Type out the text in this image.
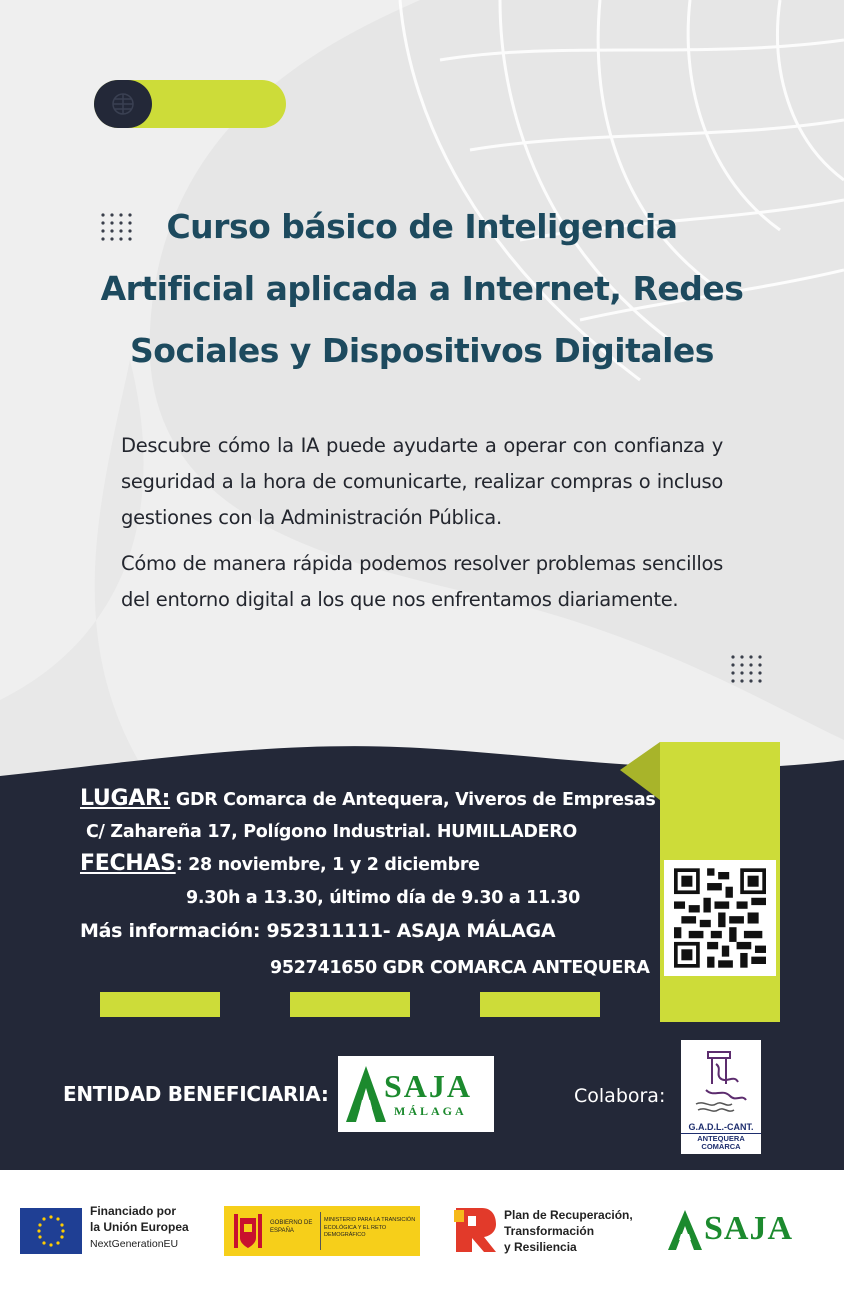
Curso básico de Inteligencia
Artificial aplicada a Internet, Redes
Sociales y Dispositivos Digitales

Descubre cómo la IA puede ayudarte a operar con confianza y seguridad a la hora de comunicarte, realizar compras o incluso gestiones con la Administración Pública.

Cómo de manera rápida podemos resolver problemas sencillos del entorno digital a los que nos enfrentamos diariamente.

LUGAR: GDR Comarca de Antequera, Viveros de Empresas
C/ Zahareña 17, Polígono Industrial. HUMILLADERO
FECHAS: 28 noviembre, 1 y 2 diciembre
9.30h a 13.30, último día de 9.30 a 11.30
Más información: 952311111- ASAJA MÁLAGA
952741650 GDR COMARCA ANTEQUERA
ENTIDAD BENEFICIARIA: SAJA
MÁLAGA
Colabora:
G.A.D.L.-CANT.
ANTEQUERA
COMARCA
Financiado por
la Unión Europea
NextGenerationEU
GOBIERNO DE ESPAÑA
MINISTERIO PARA LA TRANSICIÓN ECOLÓGICA Y EL RETO DEMOGRÁFICO
Plan de Recuperación,
Transformación
y Resiliencia	SAJA
